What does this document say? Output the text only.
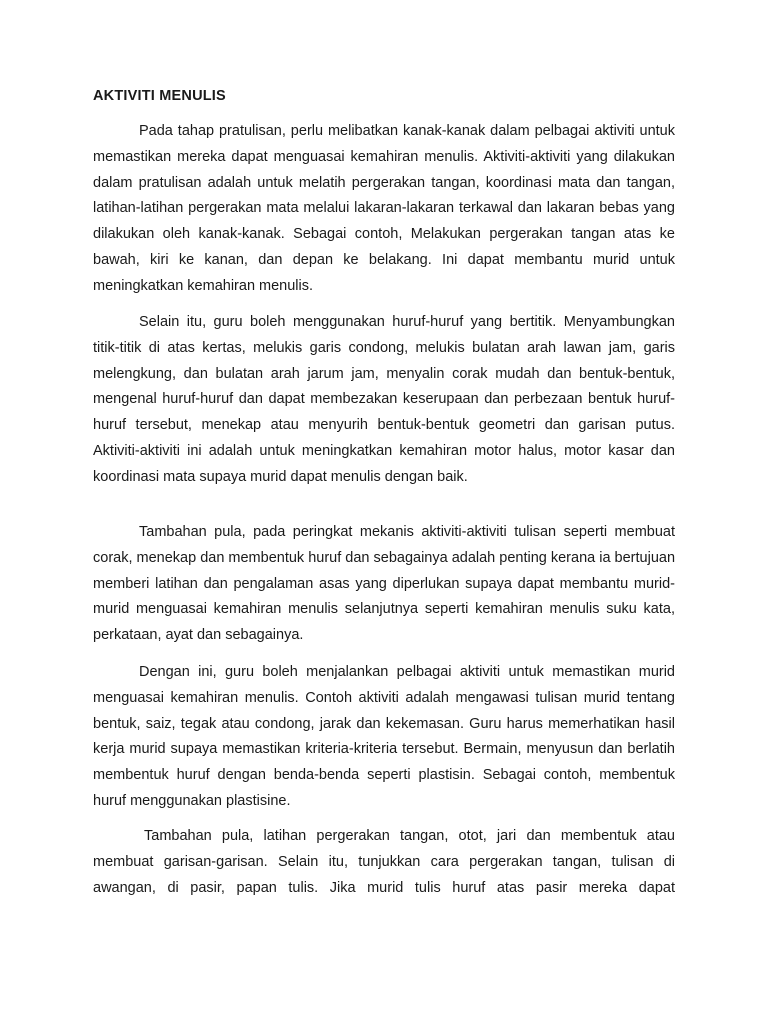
AKTIVITI MENULIS

Pada tahap pratulisan, perlu melibatkan kanak-kanak dalam pelbagai aktiviti untuk memastikan mereka dapat menguasai kemahiran menulis. Aktiviti-aktiviti yang dilakukan dalam pratulisan adalah untuk melatih pergerakan tangan, koordinasi mata dan tangan, latihan-latihan pergerakan mata melalui lakaran-lakaran terkawal dan lakaran bebas yang dilakukan oleh kanak-kanak. Sebagai contoh, Melakukan pergerakan tangan atas ke bawah, kiri ke kanan, dan depan ke belakang. Ini dapat membantu murid untuk meningkatkan kemahiran menulis.

Selain itu, guru boleh menggunakan huruf-huruf yang bertitik. Menyambungkan titik-titik di atas kertas, melukis garis condong, melukis bulatan arah lawan jam, garis melengkung, dan bulatan arah jarum jam, menyalin corak mudah dan bentuk-bentuk, mengenal huruf-huruf dan dapat membezakan keserupaan dan perbezaan bentuk huruf-huruf tersebut, menekap atau menyurih bentuk-bentuk geometri dan garisan putus. Aktiviti-aktiviti ini adalah untuk meningkatkan kemahiran motor halus, motor kasar dan koordinasi mata supaya murid dapat menulis dengan baik.

Tambahan pula, pada peringkat mekanis aktiviti-aktiviti tulisan seperti membuat corak, menekap dan membentuk huruf dan sebagainya adalah penting kerana ia bertujuan memberi latihan dan pengalaman asas yang diperlukan supaya dapat membantu murid-murid menguasai kemahiran menulis selanjutnya seperti kemahiran menulis suku kata, perkataan, ayat dan sebagainya.

Dengan ini, guru boleh menjalankan pelbagai aktiviti untuk memastikan murid menguasai kemahiran menulis. Contoh aktiviti adalah mengawasi tulisan murid tentang bentuk, saiz, tegak atau condong, jarak dan kekemasan. Guru harus memerhatikan hasil kerja murid supaya memastikan kriteria-kriteria tersebut. Bermain, menyusun dan berlatih membentuk huruf dengan benda-benda seperti plastisin. Sebagai contoh, membentuk huruf menggunakan plastisine.

Tambahan pula, latihan pergerakan tangan, otot, jari dan membentuk atau membuat garisan-garisan. Selain itu, tunjukkan cara pergerakan tangan, tulisan di awangan, di pasir, papan tulis. Jika murid tulis huruf atas pasir mereka dapat
